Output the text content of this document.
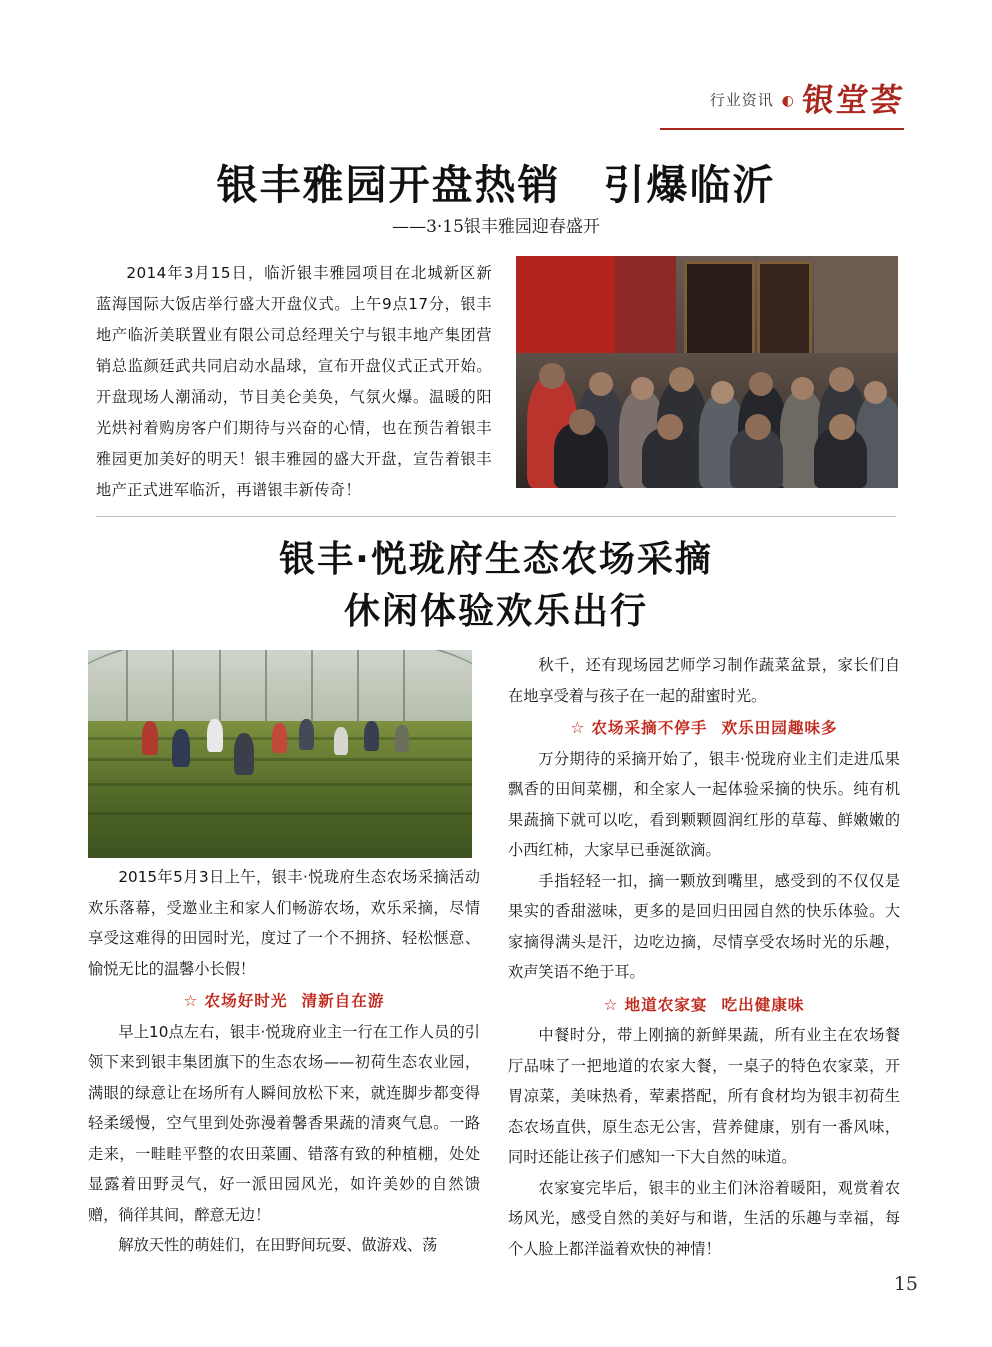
行业资讯 ◐ 银堂荟
银丰雅园开盘热销　引爆临沂
——3·15银丰雅园迎春盛开

2014年3月15日，临沂银丰雅园项目在北城新区新蓝海国际大饭店举行盛大开盘仪式。上午9点17分，银丰地产临沂美联置业有限公司总经理关宁与银丰地产集团营销总监颜廷武共同启动水晶球，宣布开盘仪式正式开始。开盘现场人潮涌动，节目美仑美奂，气氛火爆。温暖的阳光烘衬着购房客户们期待与兴奋的心情，也在预告着银丰雅园更加美好的明天！银丰雅园的盛大开盘，宣告着银丰地产正式进军临沂，再谱银丰新传奇！

银丰·悦珑府生态农场采摘
休闲体验欢乐出行

2015年5月3日上午，银丰·悦珑府生态农场采摘活动欢乐落幕，受邀业主和家人们畅游农场，欢乐采摘，尽情享受这难得的田园时光，度过了一个不拥挤、轻松惬意、愉悦无比的温馨小长假！

☆ 农场好时光 清新自在游

早上10点左右，银丰·悦珑府业主一行在工作人员的引领下来到银丰集团旗下的生态农场——初荷生态农业园，满眼的绿意让在场所有人瞬间放松下来，就连脚步都变得轻柔缓慢，空气里到处弥漫着馨香果蔬的清爽气息。一路走来，一畦畦平整的农田菜圃、错落有致的种植棚，处处显露着田野灵气，好一派田园风光，如许美妙的自然馈赠，徜徉其间，醉意无边！

解放天性的萌娃们，在田野间玩耍、做游戏、荡

秋千，还有现场园艺师学习制作蔬菜盆景，家长们自在地享受着与孩子在一起的甜蜜时光。

☆ 农场采摘不停手 欢乐田园趣味多

万分期待的采摘开始了，银丰·悦珑府业主们走进瓜果飘香的田间菜棚，和全家人一起体验采摘的快乐。纯有机果蔬摘下就可以吃，看到颗颗圆润红彤的草莓、鲜嫩嫩的小西红柿，大家早已垂涎欲滴。

手指轻轻一扣，摘一颗放到嘴里，感受到的不仅仅是果实的香甜滋味，更多的是回归田园自然的快乐体验。大家摘得满头是汗，边吃边摘，尽情享受农场时光的乐趣，欢声笑语不绝于耳。

☆ 地道农家宴 吃出健康味

中餐时分，带上刚摘的新鲜果蔬，所有业主在农场餐厅品味了一把地道的农家大餐，一桌子的特色农家菜，开胃凉菜，美味热肴，荤素搭配，所有食材均为银丰初荷生态农场直供，原生态无公害，营养健康，别有一番风味，同时还能让孩子们感知一下大自然的味道。

农家宴完毕后，银丰的业主们沐浴着暖阳，观赏着农场风光，感受自然的美好与和谐，生活的乐趣与幸福，每个人脸上都洋溢着欢快的神情！

15
